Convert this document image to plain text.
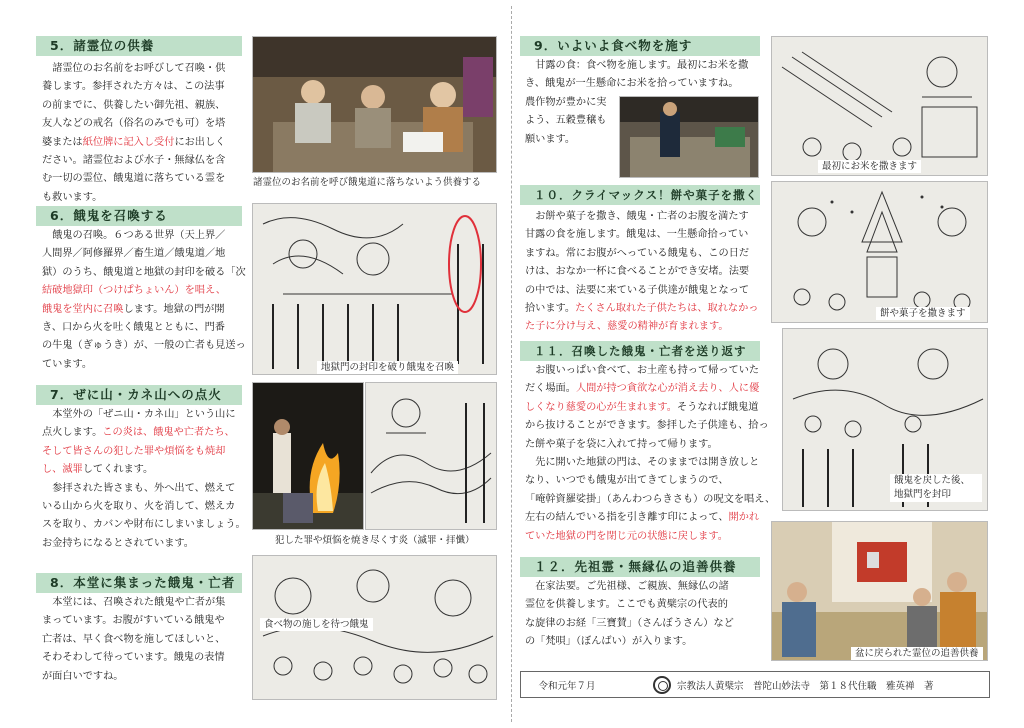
5．諸霊位の供養
諸霊位のお名前をお呼びして召喚・供
養します。参拝された方々は、この法事
の前までに、供養したい御先祖、親族、
友人などの戒名（俗名のみでも可）を塔
婆または紙位牌に記入し受付にお出しく
ださい。諸霊位および水子・無縁仏を含
む一切の霊位、餓鬼道に落ちている霊を
も救います。
諸霊位のお名前を呼び餓鬼道に落ちないよう供養する
6．餓鬼を召喚する
餓鬼の召喚。６つある世界（天上界／
人間界／阿修羅界／畜生道／餓鬼道／地
獄）のうち、餓鬼道と地獄の封印を破る「次
結破地獄印（つけぱちょいん）を唱え、
餓鬼を堂内に召喚します。地獄の門が開
き、口から火を吐く餓鬼とともに、門番
の牛鬼（ぎゅうき）が、一般の亡者も見送っ
ています。	地獄門の封印を破り餓鬼を召喚
7．ぜに山・カネ山への点火
本堂外の「ぜニ山・カネ山」という山に
点火します。この炎は、餓鬼や亡者たち、
そして皆さんの犯した罪や煩悩をも焼却
し、滅罪してくれます。
参拝された皆さまも、外へ出て、燃えて
いる山から火を取り、火を消して、燃えカ
スを取り、カバンや財布にしまいましょう。
お金持ちになるとされています。	犯した罪や煩悩を焼き尽くす炎（滅罪・拝懺）
8．本堂に集まった餓鬼・亡者
本堂には、召喚された餓鬼や亡者が集
まっています。お腹がすいている餓鬼や
亡者は、早く食べ物を施してほしいと、
そわそわして待っています。餓鬼の表情
が面白いですね。
食べ物の施しを待つ餓鬼
9．いよいよ食べ物を施す
甘露の食：食べ物を施します。最初にお米を撒
き、餓鬼が一生懸命にお米を拾っていますね。
農作物が豊かに実
よう、五穀豊穣も
願います。
最初にお米を撒きます
１０．クライマックス！餅や菓子を撒く
お餅や菓子を撒き、餓鬼・亡者のお腹を満たす
甘露の食を施します。餓鬼は、一生懸命拾ってい
ますね。常にお腹がへっている餓鬼も、この日だ
けは、おなか一杯に食べることができ安堵。法要
の中では、法要に来ている子供達が餓鬼となって
拾います。たくさん取れた子供たちは、取れなかっ
た子に分け与え、慈愛の精神が育まれます。
餅や菓子を撒きます
１１．召喚した餓鬼・亡者を送り返す
お腹いっぱい食べて、お土産も持って帰っていた
だく場面。人間が持つ貪欲な心が消え去り、人に優
しくなり慈愛の心が生まれます。そうなれば餓鬼道
から抜けることができます。参拝した子供達も、拾っ
た餅や菓子を袋に入れて持って帰ります。
先に開いた地獄の門は、そのままでは開き放しと
なり、いつでも餓鬼が出てきてしまうので、
「唵幹資羅娑掛」（あんわつらきさも）の呪文を唱え、
左右の結んでいる指を引き離す印によって、開かれ
ていた地獄の門を閉じ元の状態に戻します。
餓鬼を戻した後、
地獄門を封印
１２．先祖霊・無縁仏の追善供養
在家法要。ご先祖様、ご親族、無縁仏の諸
霊位を供養します。ここでも黄檗宗の代表的
な旋律のお経「三寶賛」（さんぼうさん）など
の「梵唄」（ぼんばい）が入ります。
盆に戻られた霊位の追善供養
令和元年７月	宗教法人黄檗宗　普陀山妙法寺　第１８代住職　雅英禅　著
